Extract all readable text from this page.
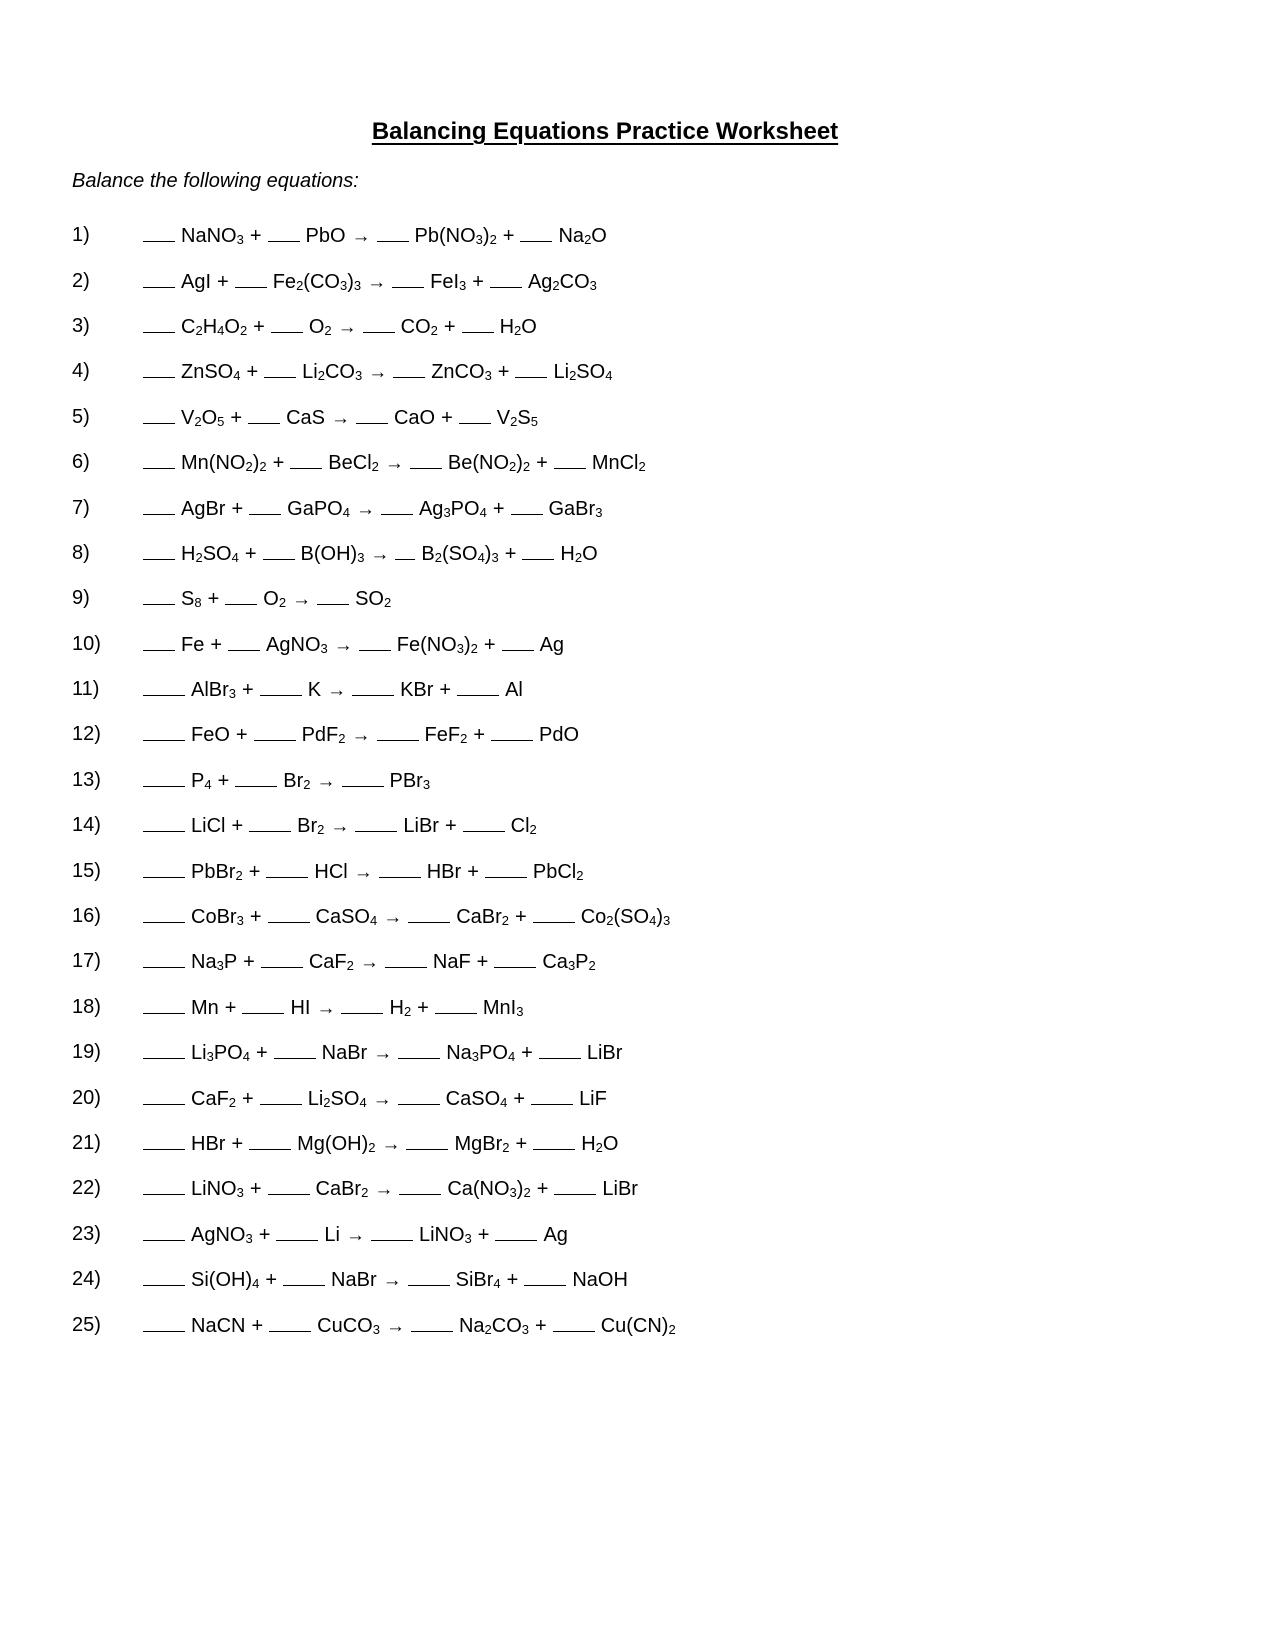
Balancing Equations Practice Worksheet
Balance the following equations:
1)	NaNO$_3$ + PbO → $Pb(NO_3)_2 + Na_2O$
2)	AgI + $Fe_2(CO_3)_3 \to FeI_3 + Ag_2CO_3$
3)	$C_2H_4O_2 + O_2 \to CO_2 + H_2O$
4)	ZnSO$_4$ + $Li_2CO_3$ → ZnCO$_3$ + $Li_2SO_4$
5)	$V_2O_5$ + CaS → CaO + $V_2S_5$
6)	$Mn(NO_2)_2$ + BeCl$_2$ → $Be(NO_2)_2$ + MnCl$_2$
7)	AgBr + GaPO$_4$ → $Ag_3PO_4$ + GaBr$_3$
8)	$H_2SO_4 + B(OH)_3 \to B_2(SO_4)_3 + H_2O$
9)	$S_8 + O_2 \to SO_2$
10)	Fe + AgNO$_3$ → $Fe(NO_3)_2 + Ag$
11)	AlBr$_3$ +	K →	KBr +	Al
12)	FeO +	PdF$_2$ →	FeF$_2$ +	PdO
13)	$P_4$ +	$Br_2$ →	PBr$_3$
14)	LiCl +	$Br_2$ →	LiBr +	$Cl_2$
15)	PbBr$_2$ +	HCl →	HBr +	PbCl$_2$
16)	CoBr$_3$ +	CaSO$_4$ →	CaBr$_2$ +	$Co_2(SO_4)_3$
17)	$Na_3P$ +	CaF$_2$ →	NaF +	$Ca_3P_2$
18)	Mn +	HI →	$H_2$ +	MnI$_3$
19)	$Li_3PO_4$ +	NaBr →	$Na_3PO_4$ +	LiBr
20)	CaF$_2$ +	$Li_2SO_4$ →	CaSO$_4$ +	LiF
21)	HBr +	$Mg(OH)_2$ →	MgBr$_2$ +	$H_2O$
22)	LiNO$_3$ +	CaBr$_2$ →	$Ca(NO_3)_2$ +	LiBr
23)	AgNO$_3$ +	Li →	LiNO$_3$ +	Ag
24)	$Si(OH)_4$ +	NaBr →	SiBr$_4$ +	NaOH
25)	NaCN +	CuCO$_3$ →	$Na_2CO_3$ +	$Cu(CN)_2$
